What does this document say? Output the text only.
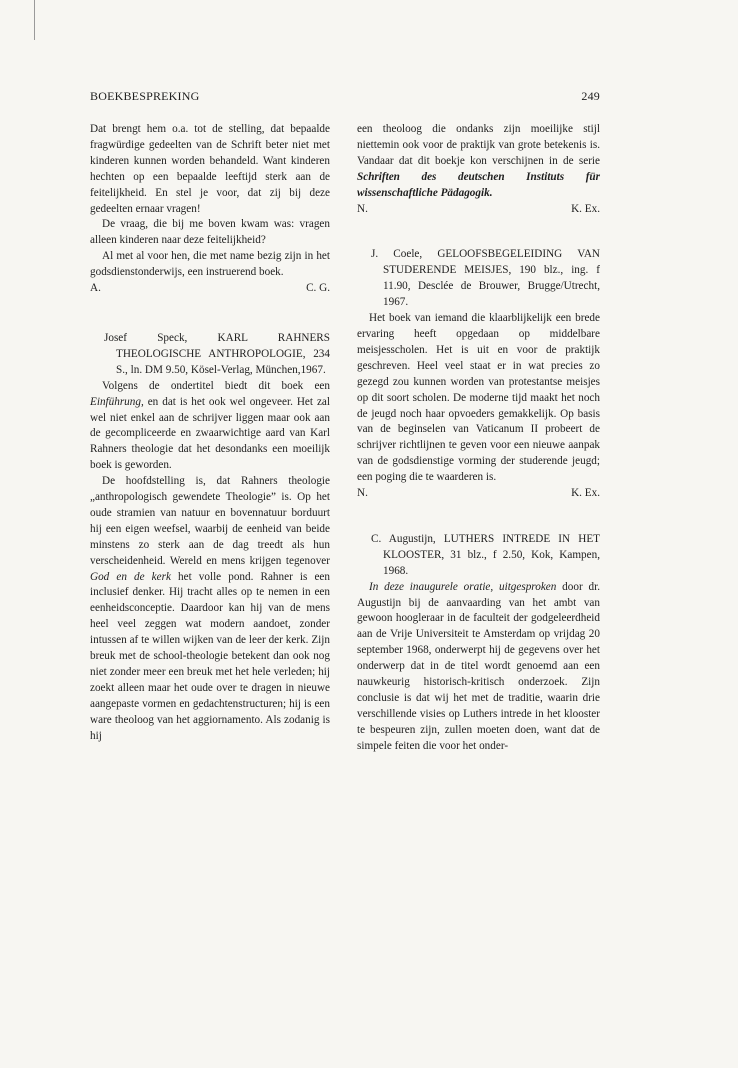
BOEKBESPREKING	249

Dat brengt hem o.a. tot de stelling, dat bepaalde fragwürdige gedeelten van de Schrift beter niet met kinderen kunnen worden behandeld. Want kinderen hechten op een bepaalde leeftijd sterk aan de feitelijkheid. En stel je voor, dat zij bij deze gedeelten ernaar vragen!

De vraag, die bij me boven kwam was: vragen alleen kinderen naar deze feitelijkheid?

Al met al voor hen, die met name bezig zijn in het godsdienstonderwijs, een instruerend boek.

A.	C. G.
Josef Speck, KARL RAHNERS THEOLOGISCHE ANTHROPOLOGIE, 234 S., ln. DM 9.50, Kösel-Verlag, München,1967.

Volgens de ondertitel biedt dit boek een Einführung, en dat is het ook wel ongeveer. Het zal wel niet enkel aan de schrijver liggen maar ook aan de gecompliceerde en zwaarwichtige aard van Karl Rahners theologie dat het desondanks een moeilijk boek is geworden.

De hoofdstelling is, dat Rahners theologie „anthropologisch gewendete Theologie” is. Op het oude stramien van natuur en bovennatuur borduurt hij een eigen weefsel, waarbij de eenheid van beide minstens zo sterk aan de dag treedt als hun verscheidenheid. Wereld en mens krijgen tegenover God en de kerk het volle pond. Rahner is een inclusief denker. Hij tracht alles op te nemen in een eenheidsconceptie. Daardoor kan hij van de mens heel veel zeggen wat modern aandoet, zonder intussen af te willen wijken van de leer der kerk. Zijn breuk met de school-theologie betekent dan ook nog niet zonder meer een breuk met het hele verleden; hij zoekt alleen maar het oude over te dragen in nieuwe aangepaste vormen en gedachtenstructuren; hij is een ware theoloog van het aggiornamento. Als zodanig is hij

een theoloog die ondanks zijn moeilijke stijl niettemin ook voor de praktijk van grote betekenis is. Vandaar dat dit boekje kon verschijnen in de serie Schriften des deutschen Instituts für wissenschaftliche Pädagogik.

N.	K. Ex.
J. Coele, GELOOFSBEGELEIDING VAN STUDERENDE MEISJES, 190 blz., ing. f 11.90, Desclée de Brouwer, Brugge/Utrecht, 1967.

Het boek van iemand die klaarblijkelijk een brede ervaring heeft opgedaan op middelbare meisjesscholen. Het is uit en voor de praktijk geschreven. Heel veel staat er in wat precies zo gezegd zou kunnen worden van protestantse meisjes op dit soort scholen. De moderne tijd maakt het noch de jeugd noch haar opvoeders gemakkelijk. Op basis van de beginselen van Vaticanum II probeert de schrijver richtlijnen te geven voor een nieuwe aanpak van de godsdienstige vorming der studerende jeugd; een poging die te waarderen is.

N.	K. Ex.
C. Augustijn, LUTHERS INTREDE IN HET KLOOSTER, 31 blz., f 2.50, Kok, Kampen, 1968.

In deze inaugurele oratie, uitgesproken door dr. Augustijn bij de aanvaarding van het ambt van gewoon hoogleraar in de faculteit der godgeleerdheid aan de Vrije Universiteit te Amsterdam op vrijdag 20 september 1968, onderwerpt hij de gegevens over het onderwerp dat in de titel wordt genoemd aan een nauwkeurig historisch-kritisch onderzoek. Zijn conclusie is dat wij het met de traditie, waarin drie verschillende visies op Luthers intrede in het klooster te bespeuren zijn, zullen moeten doen, want dat de simpele feiten die voor het onder-
